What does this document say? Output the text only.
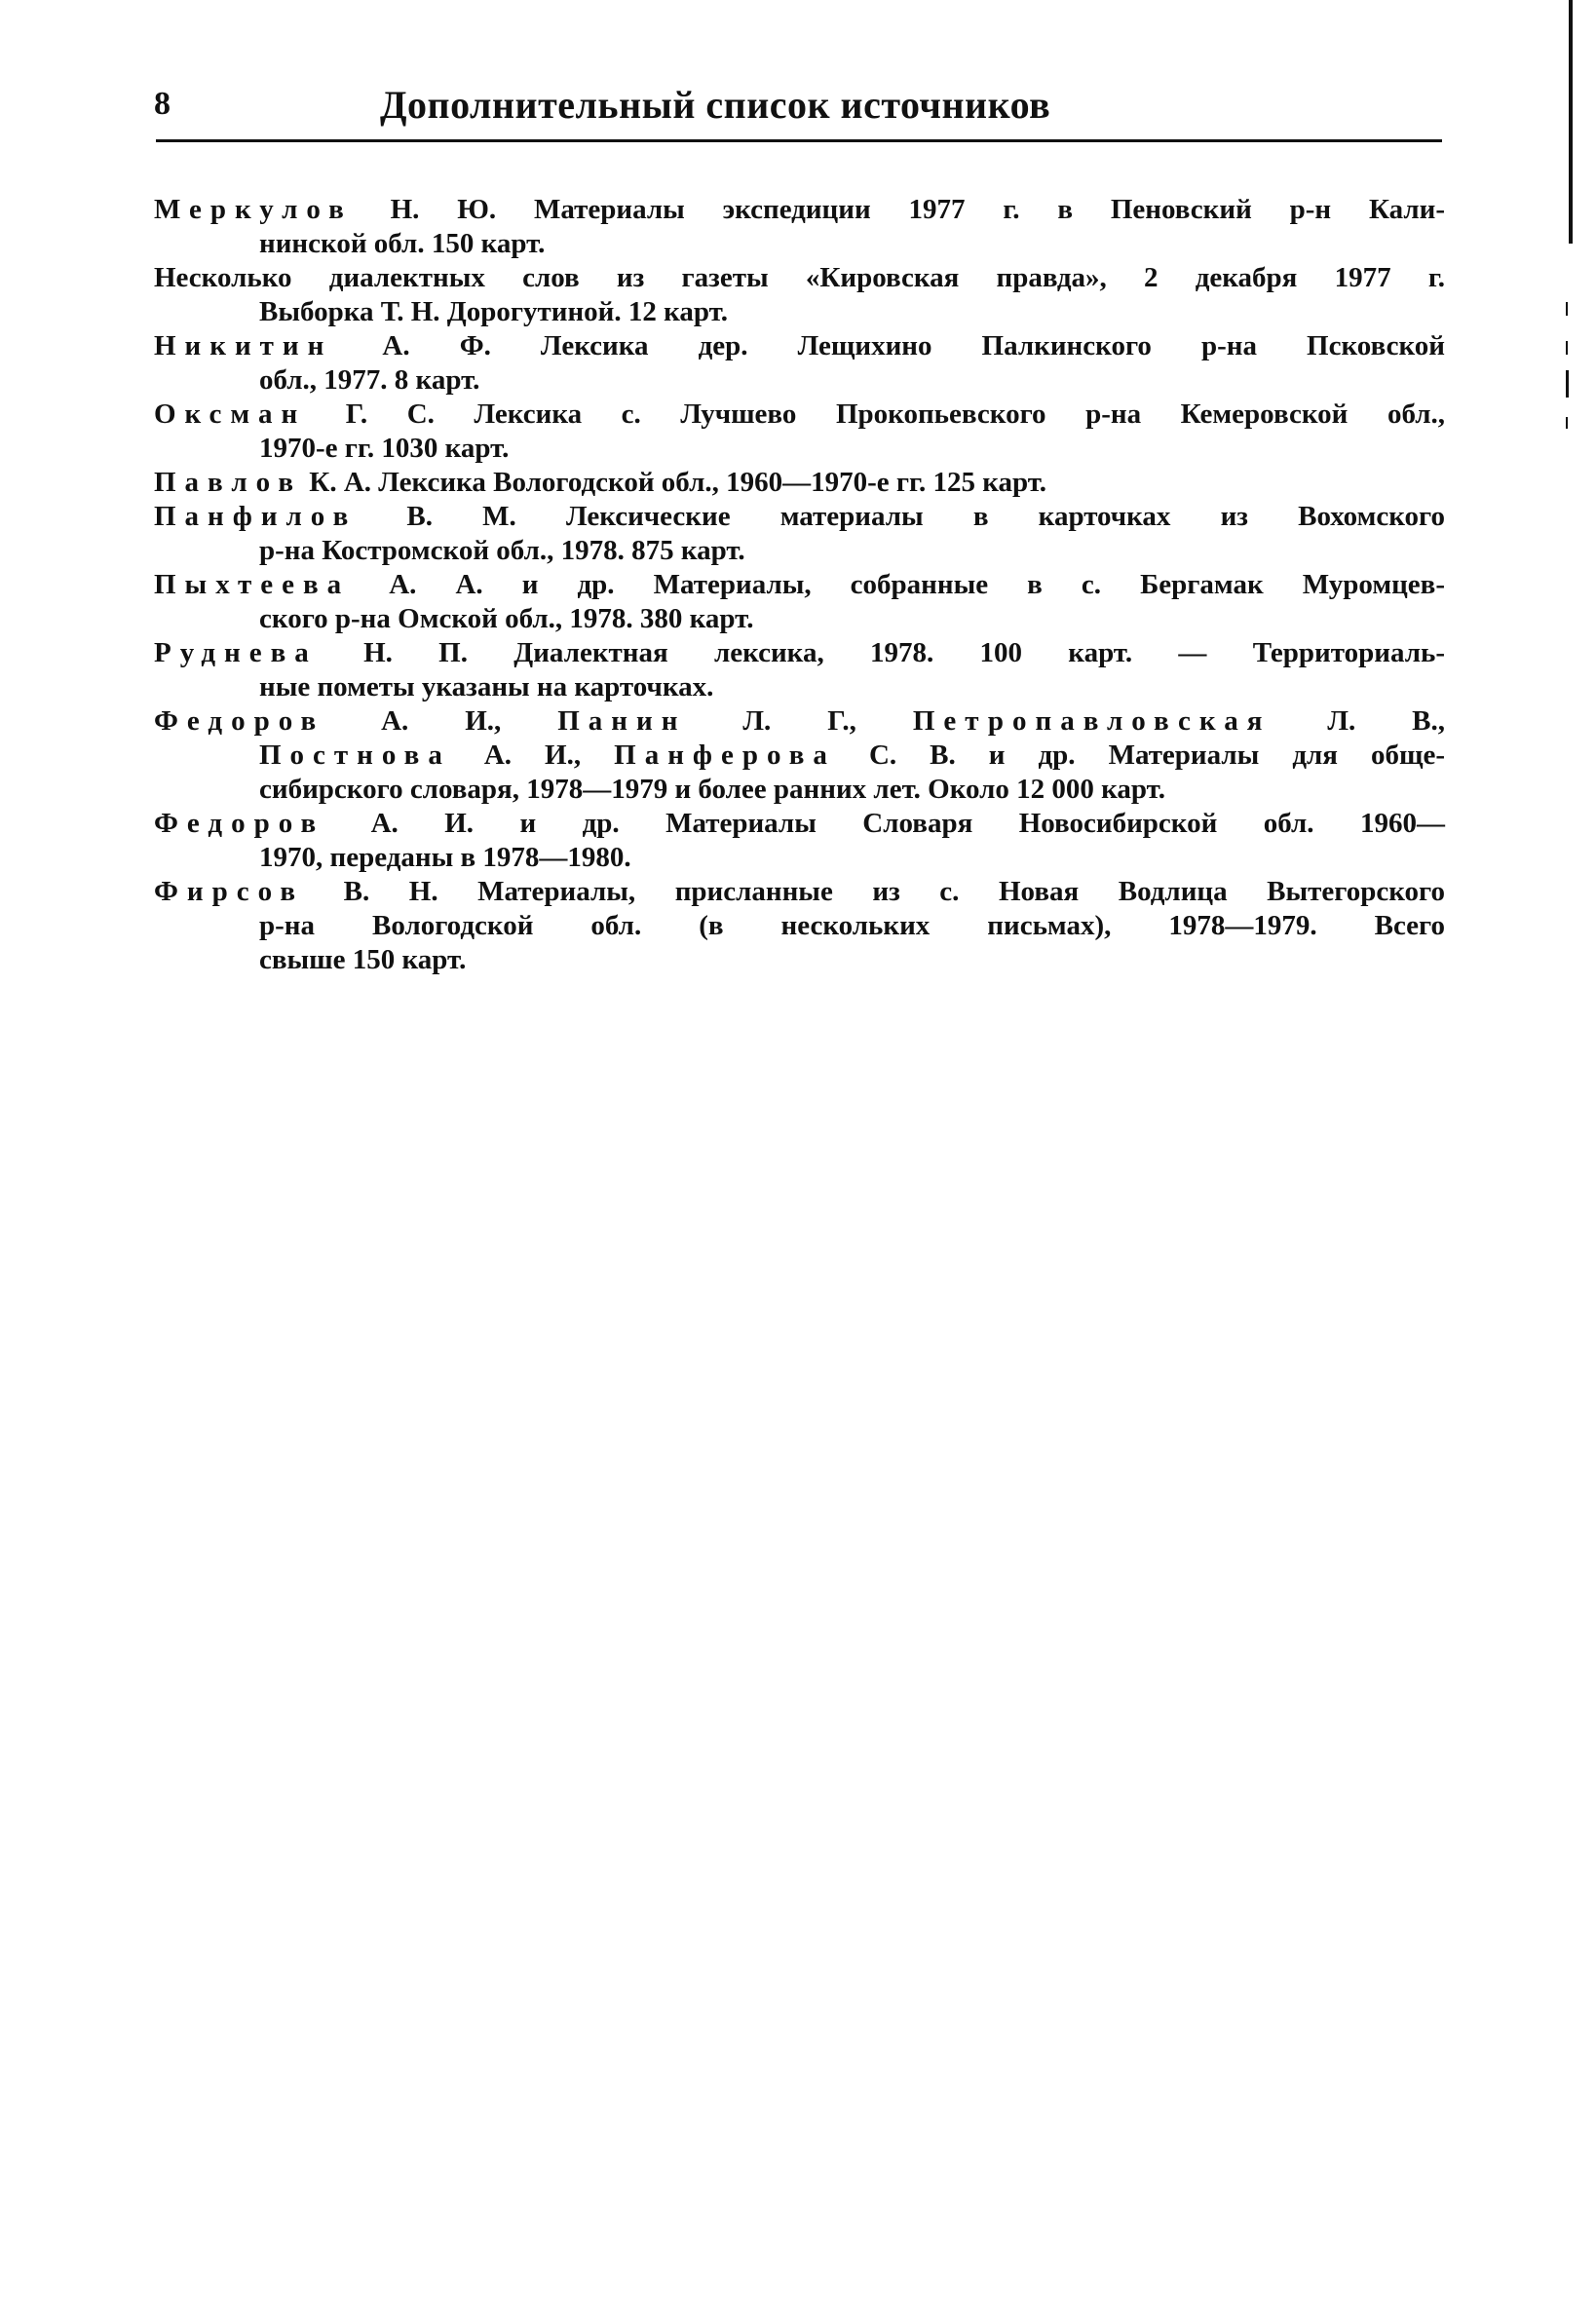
8	Дополнительный список источников
Меркулов Н. Ю. Материалы экспедиции 1977 г. в Пеновский р-н Кали-
нинской обл. 150 карт.
Несколько диалектных слов из газеты «Кировская правда», 2 декабря 1977 г.
Выборка Т. Н. Дорогутиной. 12 карт.
Никитин А. Ф. Лексика дер. Лещихино Палкинского р-на Псковской
обл., 1977. 8 карт.
Оксман Г. С. Лексика с. Лучшево Прокопьевского р-на Кемеровской обл.,
1970-е гг. 1030 карт.
Павлов К. А. Лексика Вологодской обл., 1960—1970-е гг. 125 карт.
Панфилов В. М. Лексические материалы в карточках из Вохомского
р-на Костромской обл., 1978. 875 карт.
Пыхтеева А. А. и др. Материалы, собранные в с. Бергамак Муромцев-
ского р-на Омской обл., 1978. 380 карт.
Руднева Н. П. Диалектная лексика, 1978. 100 карт. — Территориаль-
ные пометы указаны на карточках.
Федоров А. И., Панин Л. Г., Петропавловская Л. В.,
Постнова А. И., Панферова С. В. и др. Материалы для обще-
сибирского словаря, 1978—1979 и более ранних лет. Около 12 000 карт.
Федоров А. И. и др. Материалы Словаря Новосибирской обл. 1960—
1970, переданы в 1978—1980.
Фирсов В. Н. Материалы, присланные из с. Новая Водлица Вытегорского
р-на Вологодской обл. (в нескольких письмах), 1978—1979. Всего
свыше 150 карт.
